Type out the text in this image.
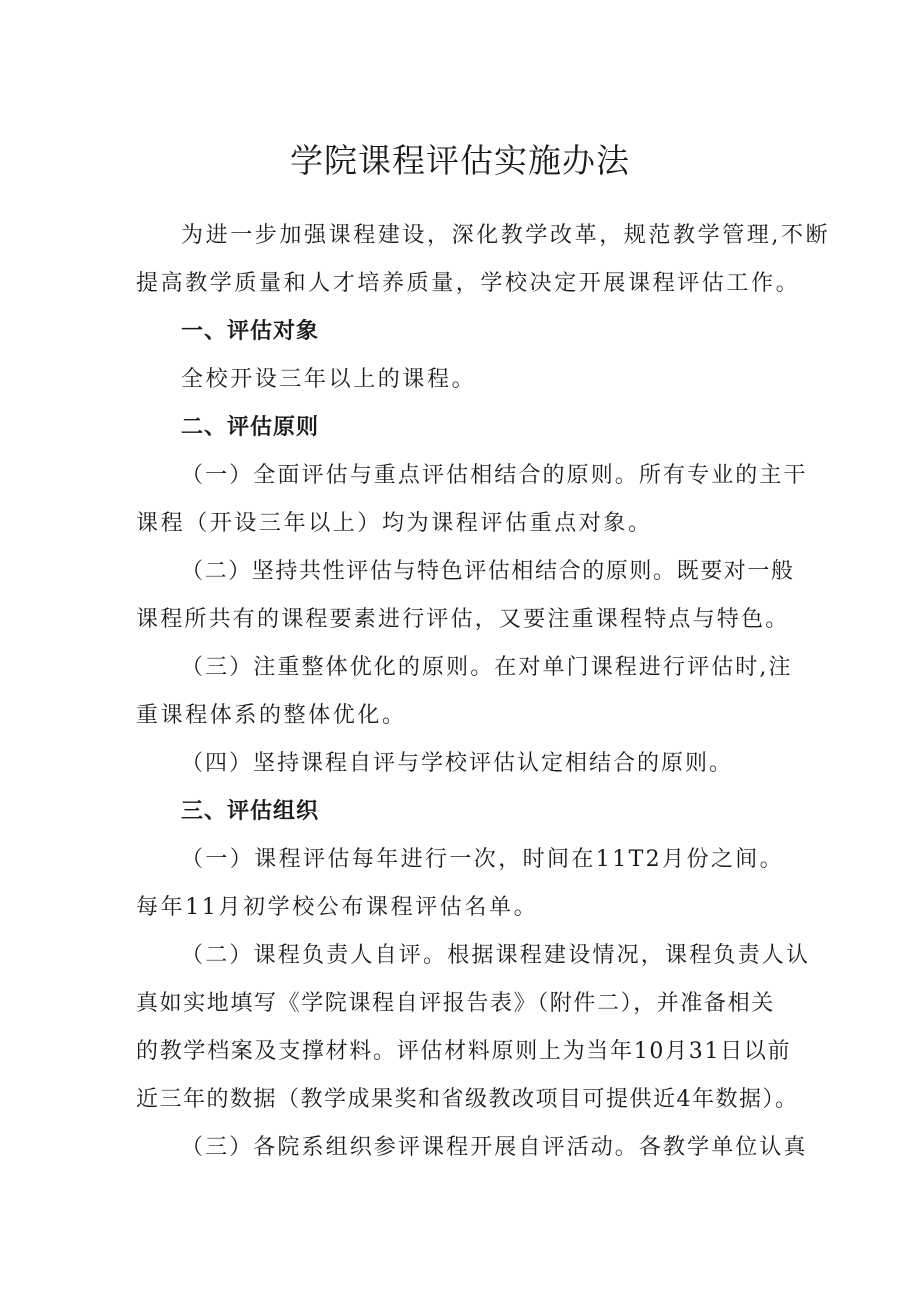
学院课程评估实施办法
为进一步加强课程建设，深化教学改革，规范教学管理,不断
提高教学质量和人才培养质量，学校决定开展课程评估工作。
一、评估对象
全校开设三年以上的课程。
二、评估原则
（一）全面评估与重点评估相结合的原则。所有专业的主干
课程（开设三年以上）均为课程评估重点对象。
（二）坚持共性评估与特色评估相结合的原则。既要对一般
课程所共有的课程要素进行评估，又要注重课程特点与特色。
（三）注重整体优化的原则。在对单门课程进行评估时,注
重课程体系的整体优化。
（四）坚持课程自评与学校评估认定相结合的原则。
三、评估组织
（一）课程评估每年进行一次，时间在11T2月份之间。
每年11月初学校公布课程评估名单。
（二）课程负责人自评。根据课程建设情况，课程负责人认
真如实地填写《学院课程自评报告表》（附件二），并准备相关
的教学档案及支撑材料。评估材料原则上为当年10月31日以前
近三年的数据（教学成果奖和省级教改项目可提供近4年数据）。
（三）各院系组织参评课程开展自评活动。各教学单位认真
